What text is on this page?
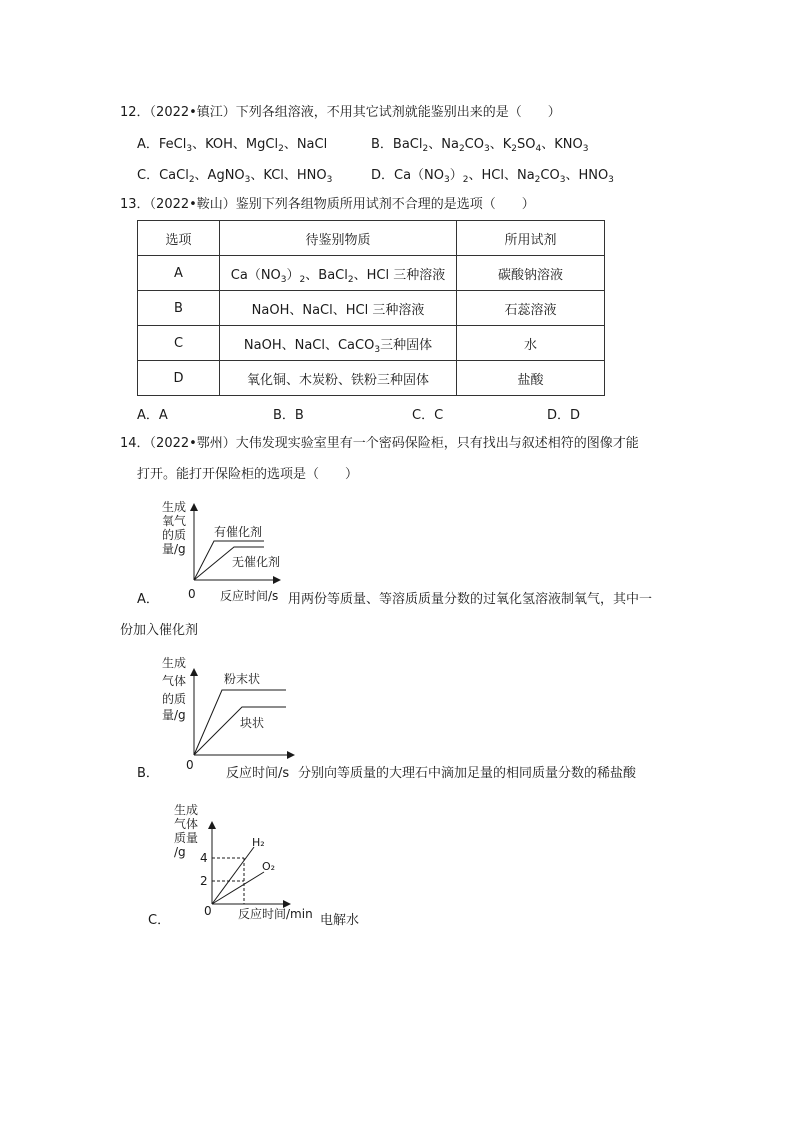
12．（2022•镇江）下列各组溶液，不用其它试剂就能鉴别出来的是（　　）
A．FeCl$_3$、KOH、MgCl$_2$、NaCl	B．BaCl$_2$、$Na_2CO_3$、$K_2SO_4$、$KNO_3$
C．CaCl$_2$、AgNO$_3$、KCl、$HNO_3$	D．$Ca(NO_3)_2$、HCl、$Na_2CO_3$、$HNO_3$
13．（2022•鞍山）鉴别下列各组物质所用试剂不合理的是选项（　　）
选项	待鉴别物质	所用试剂
A	$Ca(NO_3)_2$、BaCl$_2$、HCl 三种溶液	碳酸钠溶液
B	NaOH、NaCl、HCl 三种溶液	石蕊溶液
C	NaOH、NaCl、CaCO$_3$三种固体	水
D	氧化铜、木炭粉、铁粉三种固体	盐酸
A．A	B．B	C．C	D．D
14．（2022•鄂州）大伟发现实验室里有一个密码保险柜，只有找出与叙述相符的图像才能
打开。能打开保险柜的选项是（　　）
生成
氧气
的质
量/g
有催化剂
无催化剂
0 反应时间/s
A．	用两份等质量、等溶质质量分数的过氧化氢溶液制氧气，其中一
份加入催化剂
生成
气体
的质
量/g
粉末状
块状
0
B．	反应时间/s 分别向等质量的大理石中滴加足量的相同质量分数的稀盐酸
生成
气体
质量
/g 4
2
H₂
O₂
0 反应时间/min
C．	电解水
